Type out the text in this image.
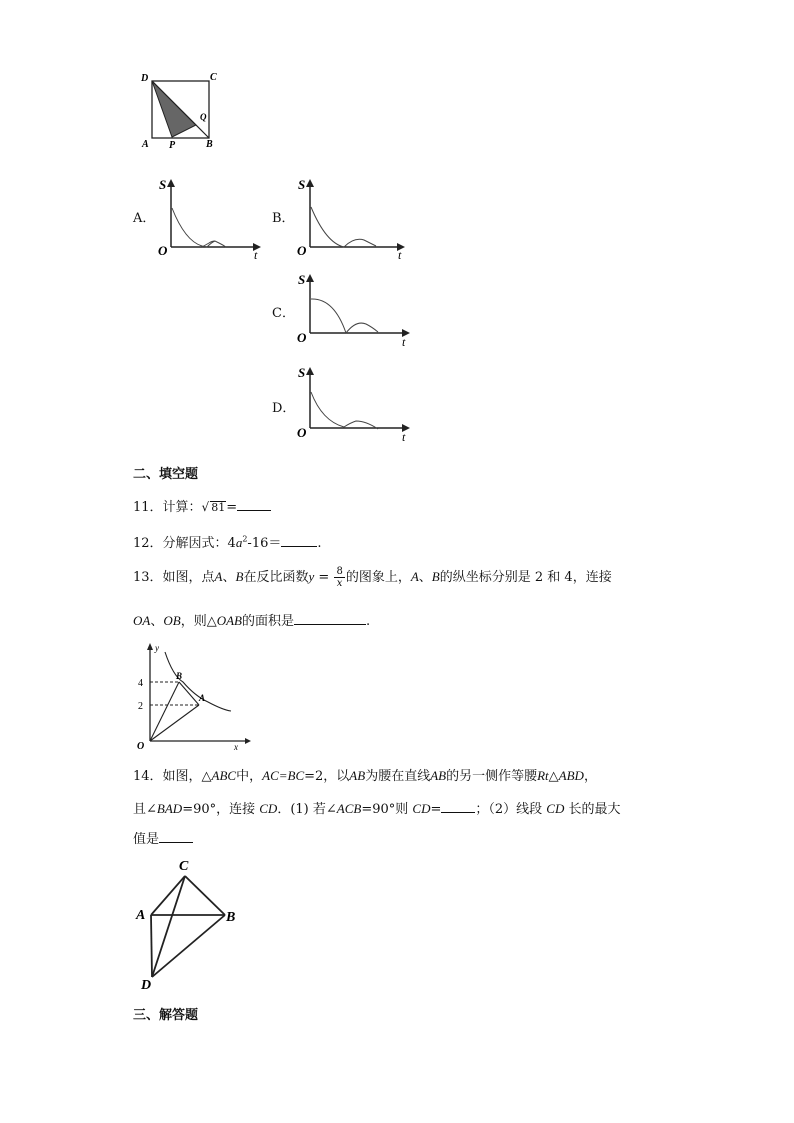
D	C
Q
A P	B
A．
S
O	t
B．
S
O	t
C．
S
O	t
D．
S
O	t
二、填空题
11．计算：√ 81=
12．分解因式：$4a^2-16=$	.
13．如图，点A、B在反比函数$y = \frac{8}{x}$ 的图象上，A、B的纵坐标分别是 2 和 4，连接
OA、OB，则△OAB的面积是	.
y
x
O
4
2
B
A
14．如图，△ABC中，AC=BC=2，以AB为腰在直线AB的另一侧作等腰Rt△ABD，
且∠BAD=90°，连接 CD．(1) 若∠ACB=90°则 CD=	；（2）线段 CD 长的最大
值是
C
A	B
D
三、解答题
